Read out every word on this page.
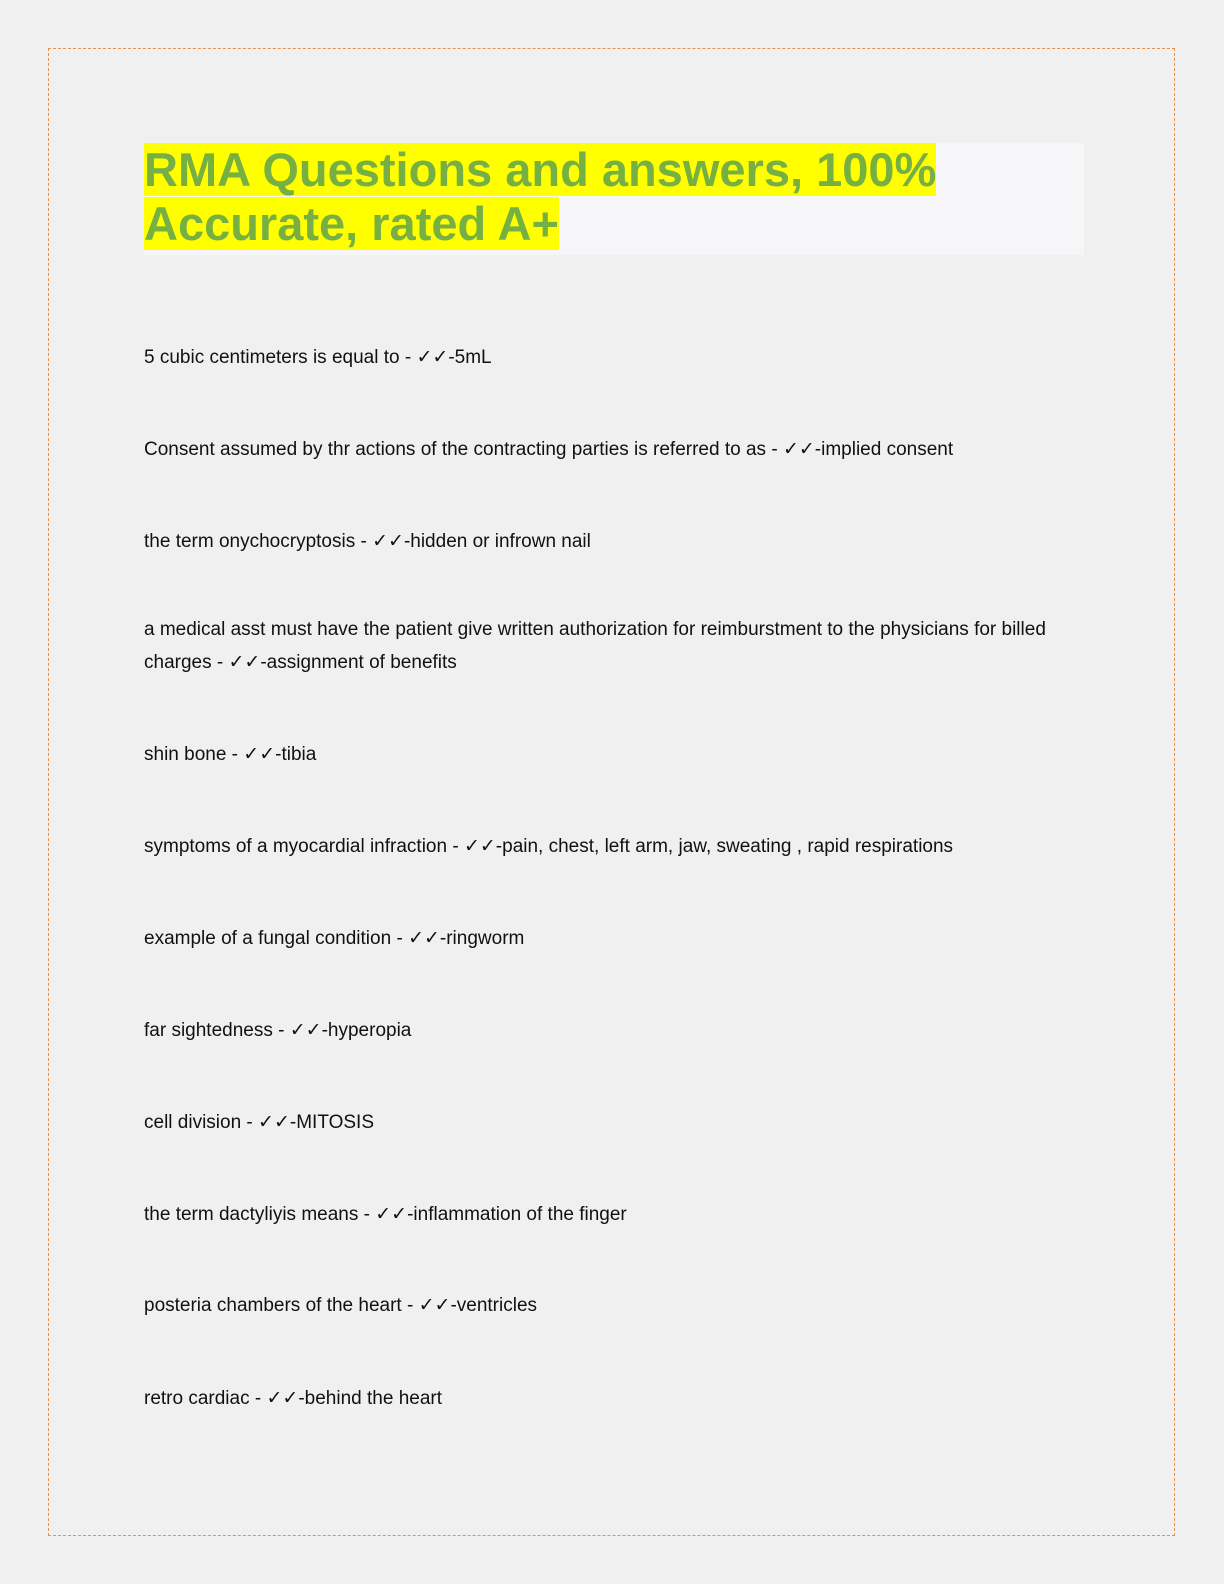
RMA Questions and answers, 100% Accurate, rated A+
5 cubic centimeters is equal to - ✓✓-5mL
Consent assumed by thr actions of the contracting parties is referred to as - ✓✓-implied consent
the term onychocryptosis - ✓✓-hidden or infrown nail
a medical asst must have the patient give written authorization for reimburstment to the physicians for billed charges - ✓✓-assignment of benefits
shin bone - ✓✓-tibia
symptoms of a myocardial infraction - ✓✓-pain, chest, left arm, jaw, sweating , rapid respirations
example of a fungal condition - ✓✓-ringworm
far sightedness - ✓✓-hyperopia
cell division - ✓✓-MITOSIS
the term dactyliyis means - ✓✓-inflammation of the finger
posteria chambers of the heart - ✓✓-ventricles
retro cardiac - ✓✓-behind the heart
